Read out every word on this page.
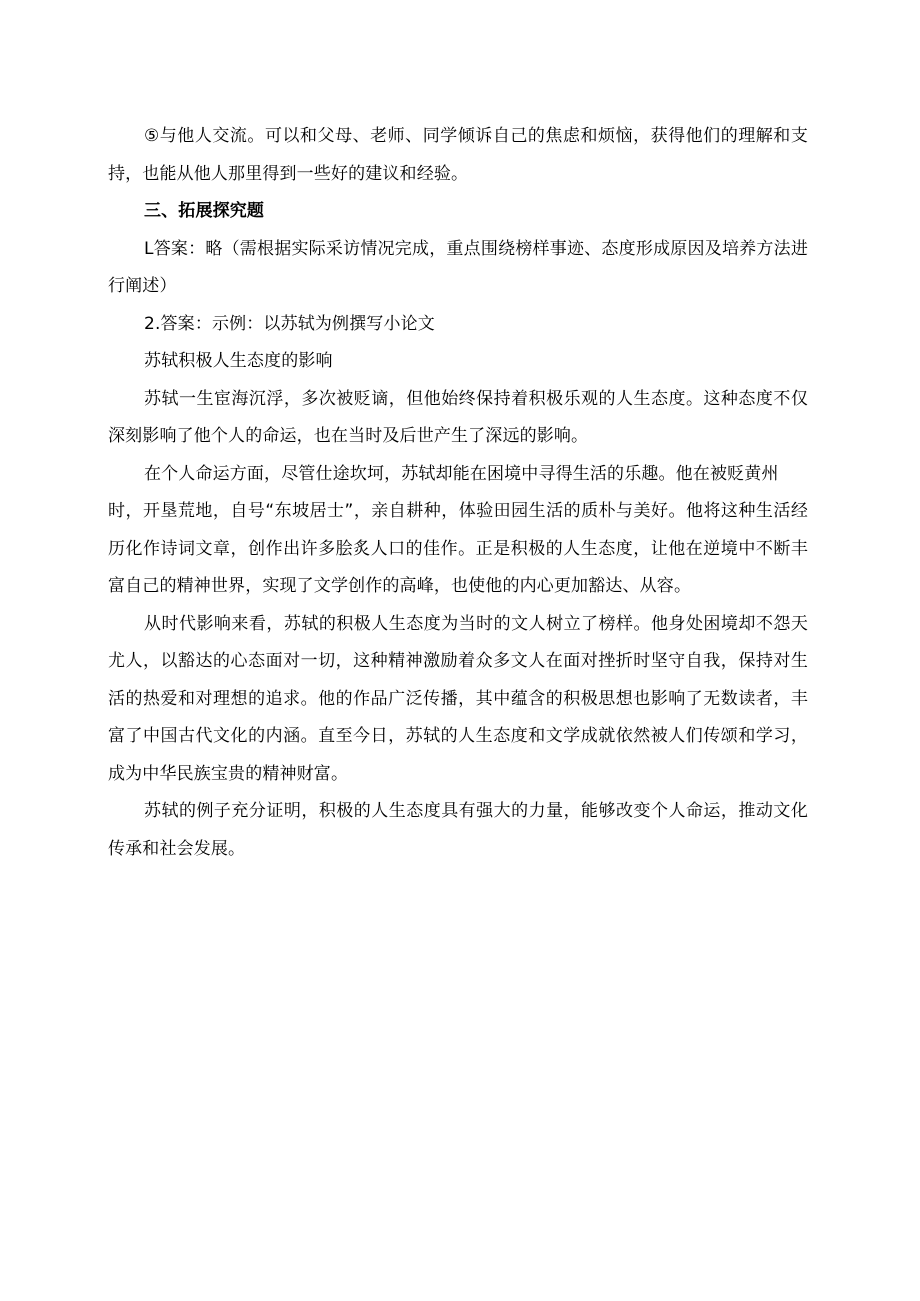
⑤与他人交流。可以和父母、老师、同学倾诉自己的焦虑和烦恼，获得他们的理解和支持，也能从他人那里得到一些好的建议和经验。

三、拓展探究题

L答案：略（需根据实际采访情况完成，重点围绕榜样事迹、态度形成原因及培养方法进行阐述）

2.答案：示例：以苏轼为例撰写小论文

苏轼积极人生态度的影响

苏轼一生宦海沉浮，多次被贬谪，但他始终保持着积极乐观的人生态度。这种态度不仅深刻影响了他个人的命运，也在当时及后世产生了深远的影响。

在个人命运方面，尽管仕途坎坷，苏轼却能在困境中寻得生活的乐趣。他在被贬黄州

时，开垦荒地，自号“东坡居士”，亲自耕种，体验田园生活的质朴与美好。他将这种生活经历化作诗词文章，创作出许多脍炙人口的佳作。正是积极的人生态度，让他在逆境中不断丰富自己的精神世界，实现了文学创作的高峰，也使他的内心更加豁达、从容。

从时代影响来看，苏轼的积极人生态度为当时的文人树立了榜样。他身处困境却不怨天尤人，以豁达的心态面对一切，这种精神激励着众多文人在面对挫折时坚守自我，保持对生活的热爱和对理想的追求。他的作品广泛传播，其中蕴含的积极思想也影响了无数读者，丰富了中国古代文化的内涵。直至今日，苏轼的人生态度和文学成就依然被人们传颂和学习，成为中华民族宝贵的精神财富。

苏轼的例子充分证明，积极的人生态度具有强大的力量，能够改变个人命运，推动文化传承和社会发展。
